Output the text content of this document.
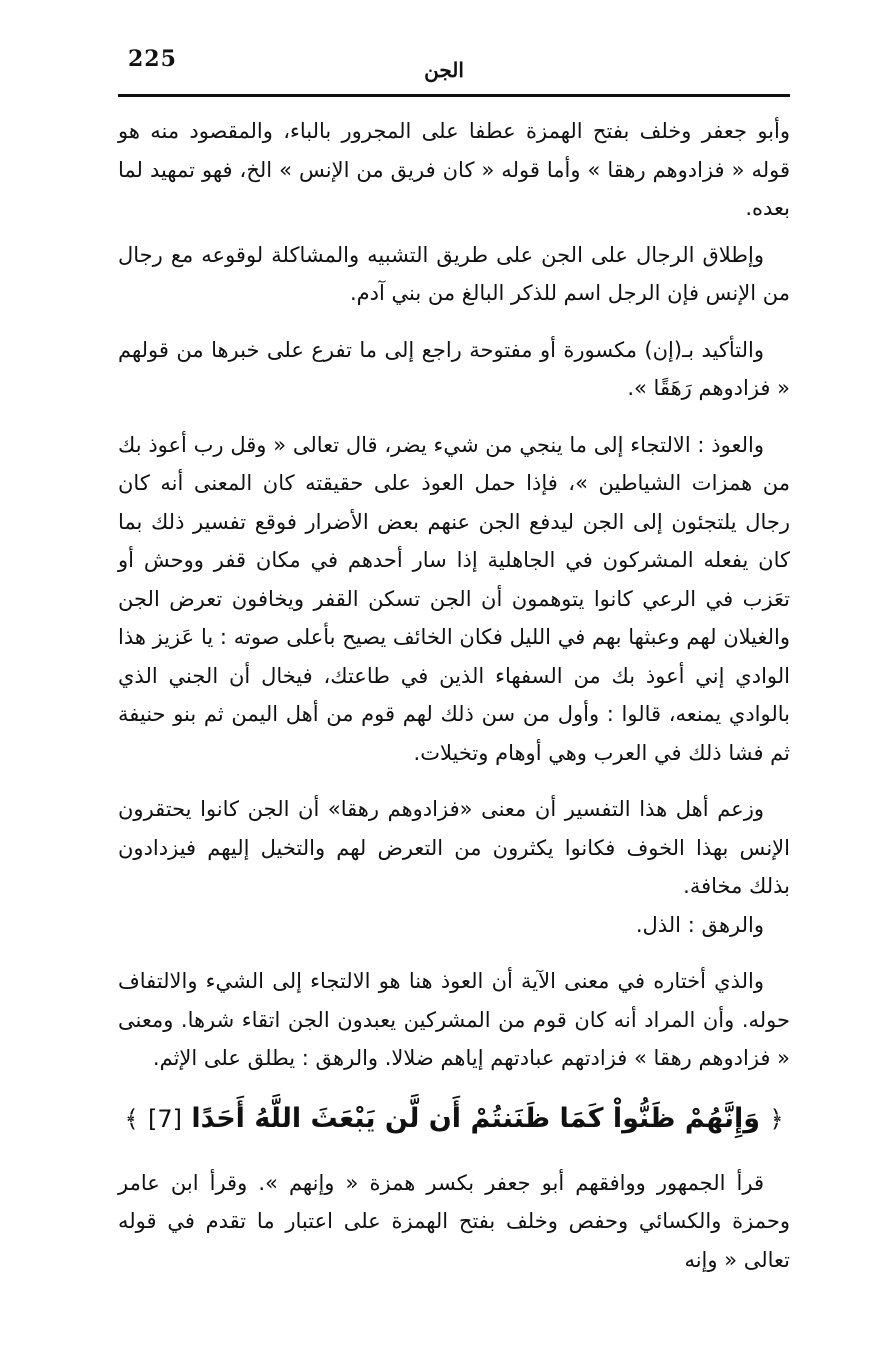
225	الجن

وأبو جعفر وخلف بفتح الهمزة عطفا على المجرور بالباء، والمقصود منه هو قوله « فزادوهم رهقا » وأما قوله « كان فريق من الإنس » الخ، فهو تمهيد لما بعده.

وإطلاق الرجال على الجن على طريق التشبيه والمشاكلة لوقوعه مع رجال من الإنس فإن الرجل اسم للذكر البالغ من بني آدم.

والتأكيد بـ(إن) مكسورة أو مفتوحة راجع إلى ما تفرع على خبرها من قولهم « فزادوهم رَهَقًا ».

والعوذ : الالتجاء إلى ما ينجي من شيء يضر، قال تعالى « وقل رب أعوذ بك من همزات الشياطين »، فإذا حمل العوذ على حقيقته كان المعنى أنه كان رجال يلتجئون إلى الجن ليدفع الجن عنهم بعض الأضرار فوقع تفسير ذلك بما كان يفعله المشركون في الجاهلية إذا سار أحدهم في مكان قفر ووحش أو تعَزب في الرعي كانوا يتوهمون أن الجن تسكن القفر ويخافون تعرض الجن والغيلان لهم وعبثها بهم في الليل فكان الخائف يصيح بأعلى صوته : يا عَزيز هذا الوادي إني أعوذ بك من السفهاء الذين في طاعتك، فيخال أن الجني الذي بالوادي يمنعه، قالوا : وأول من سن ذلك لهم قوم من أهل اليمن ثم بنو حنيفة ثم فشا ذلك في العرب وهي أوهام وتخيلات.

وزعم أهل هذا التفسير أن معنى «فزادوهم رهقا» أن الجن كانوا يحتقرون الإنس بهذا الخوف فكانوا يكثرون من التعرض لهم والتخيل إليهم فيزدادون بذلك مخافة.

والرهق : الذل.

والذي أختاره في معنى الآية أن العوذ هنا هو الالتجاء إلى الشيء والالتفاف حوله. وأن المراد أنه كان قوم من المشركين يعبدون الجن اتقاء شرها. ومعنى « فزادوهم رهقا » فزادتهم عبادتهم إياهم ضلالا. والرهق : يطلق على الإثم.

﴿ وَإِنَّهُمْ ظَنُّواْ كَمَا ظَنَنتُمْ أَن لَّن يَبْعَثَ اللَّهُ أَحَدًا [7] ﴾

قرأ الجمهور ووافقهم أبو جعفر بكسر همزة « وإنهم ». وقرأ ابن عامر وحمزة والكسائي وحفص وخلف بفتح الهمزة على اعتبار ما تقدم في قوله تعالى « وإنه
